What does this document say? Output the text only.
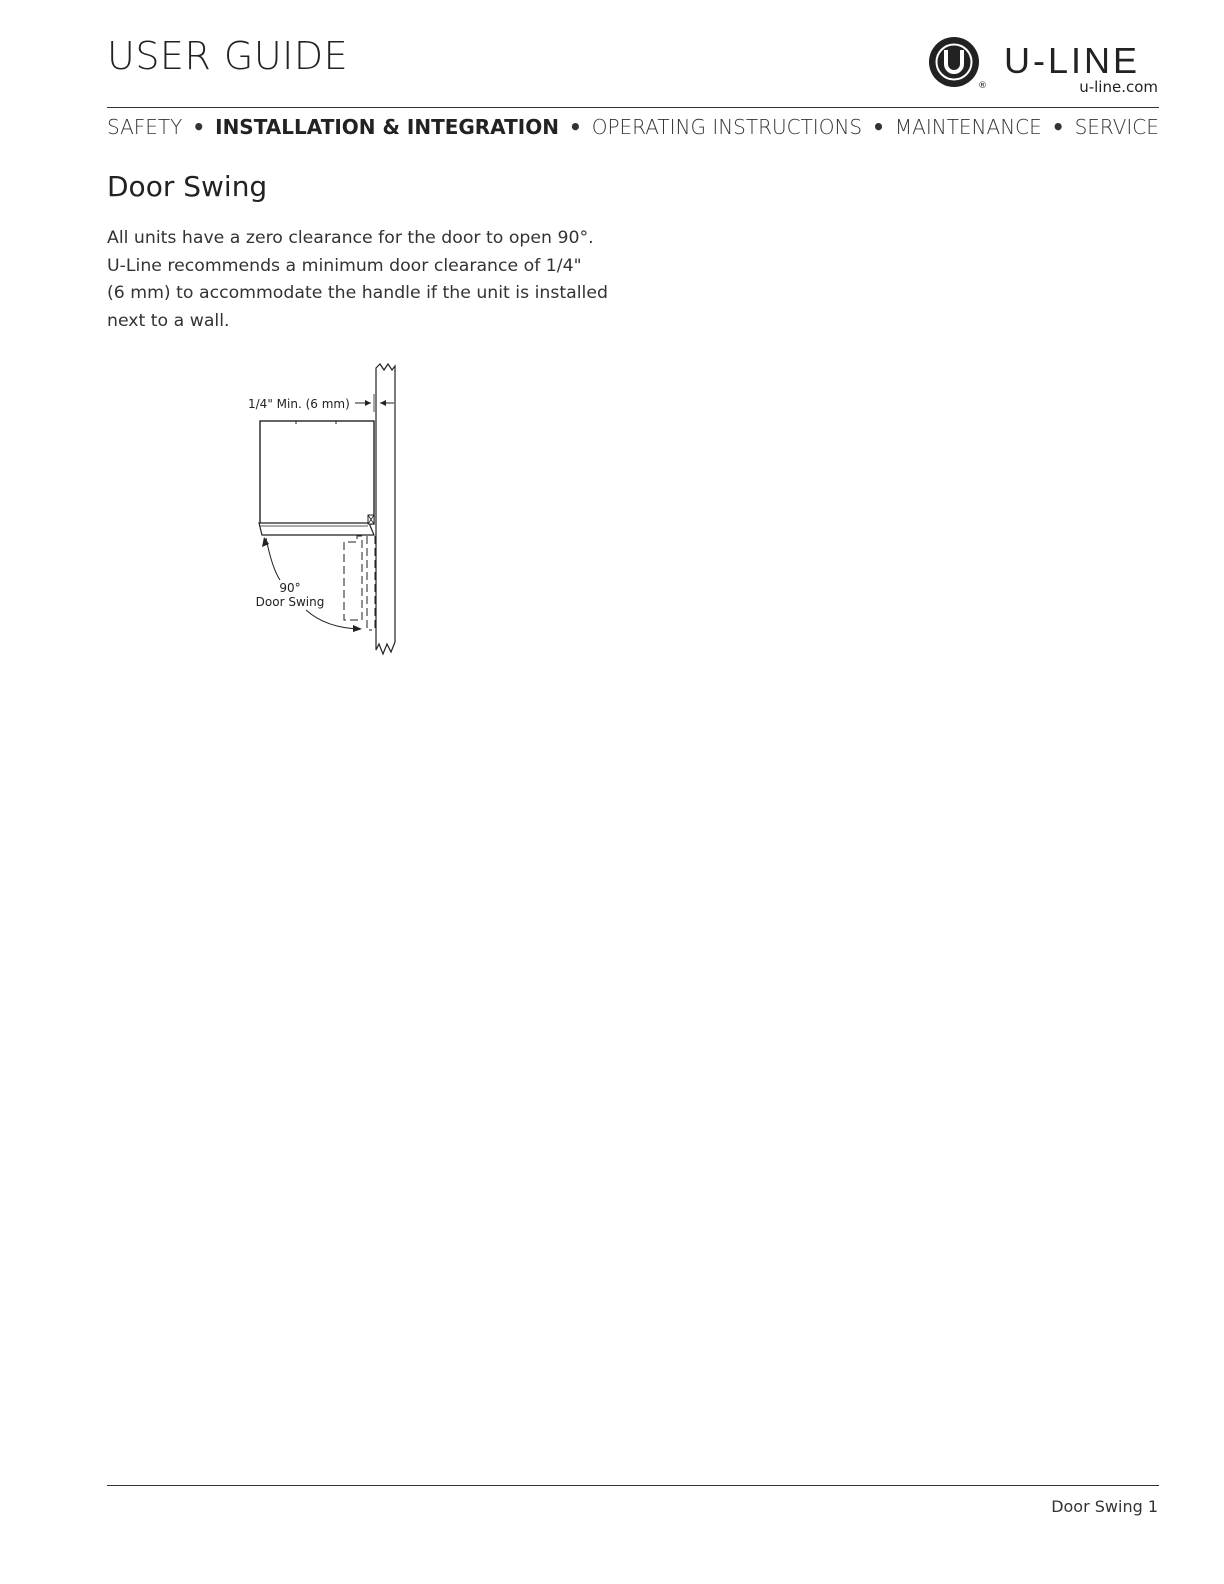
USER GUIDE
®
U-LINE
u-line.com
SAFETY • INSTALLATION & INTEGRATION • OPERATING INSTRUCTIONS • MAINTENANCE • SERVICE
Door Swing
All units have a zero clearance for the door to open 90°.
U-Line recommends a minimum door clearance of 1/4"
(6 mm) to accommodate the handle if the unit is installed
next to a wall.
1/4" Min. (6 mm)
90°
Door Swing
Door Swing 1
